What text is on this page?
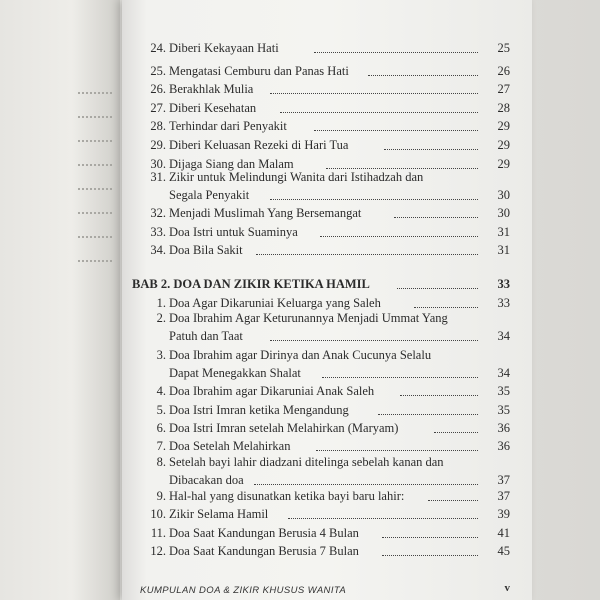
24. Diberi Kekayaan Hati	25
25. Mengatasi Cemburu dan Panas Hati	26
26. Berakhlak Mulia	27
27. Diberi Kesehatan	28
28. Terhindar dari Penyakit	29
29. Diberi Keluasan Rezeki di Hari Tua	29
30. Dijaga Siang dan Malam	29
31. Zikir untuk Melindungi Wanita dari Istihadzah dan
Segala Penyakit	30
32. Menjadi Muslimah Yang Bersemangat	30
33. Doa Istri untuk Suaminya	31
34. Doa Bila Sakit	31
BAB 2. DOA DAN ZIKIR KETIKA HAMIL	33
1. Doa Agar Dikaruniai Keluarga yang Saleh	33
2. Doa Ibrahim Agar Keturunannya Menjadi Ummat Yang
Patuh dan Taat	34
3. Doa Ibrahim agar Dirinya dan Anak Cucunya Selalu
Dapat Menegakkan Shalat	34
4. Doa Ibrahim agar Dikaruniai Anak Saleh	35
5. Doa Istri Imran ketika Mengandung	35
6. Doa Istri Imran setelah Melahirkan (Maryam)	36
7. Doa Setelah Melahirkan	36
8. Setelah bayi lahir diadzani ditelinga sebelah kanan dan
Dibacakan doa	37
9. Hal-hal yang disunatkan ketika bayi baru lahir:	37
10. Zikir Selama Hamil	39
11. Doa Saat Kandungan Berusia 4 Bulan	41
12. Doa Saat Kandungan Berusia 7 Bulan	45
KUMPULAN DOA & ZIKIR KHUSUS WANITA	v
